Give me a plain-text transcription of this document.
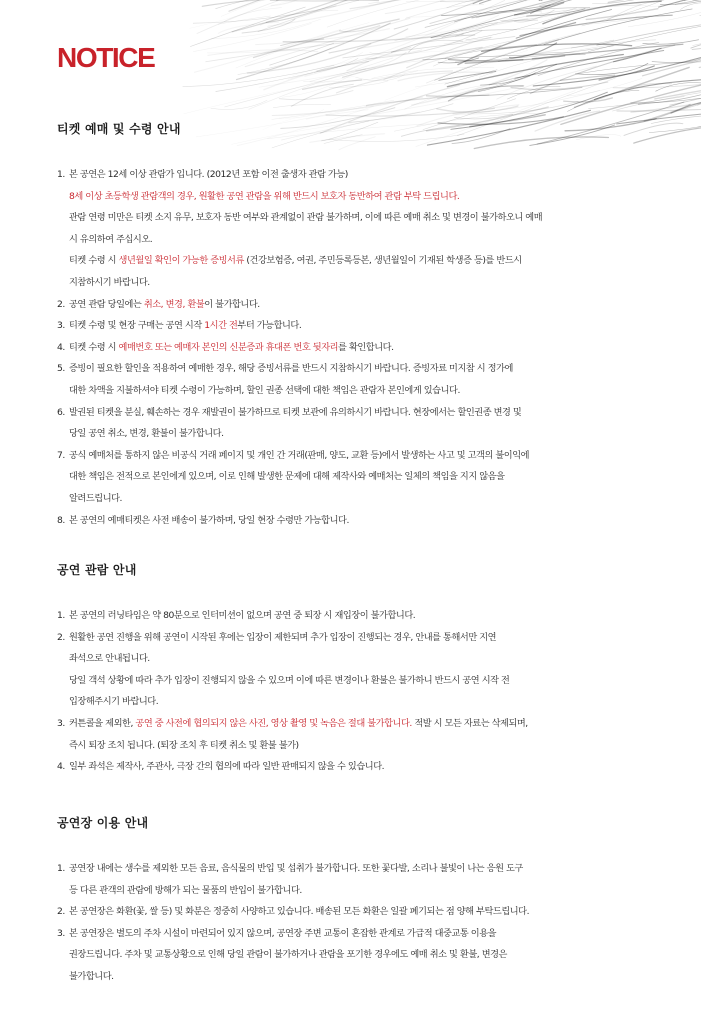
NOTICE
티켓 예매 및 수령 안내
1. 본 공연은 12세 이상 관람가 입니다. (2012년 포함 이전 출생자 관람 가능)
8세 이상 초등학생 관람객의 경우, 원활한 공연 관람을 위해 반드시 보호자 동반하여 관람 부탁 드립니다.
관람 연령 미만은 티켓 소지 유무, 보호자 동반 여부와 관계없이 관람 불가하며, 이에 따른 예매 취소 및 변경이 불가하오니 예매
시 유의하여 주십시오.
티켓 수령 시 생년월일 확인이 가능한 증빙서류 (건강보험증, 여권, 주민등록등본, 생년월일이 기재된 학생증 등)를 반드시
지참하시기 바랍니다.
2. 공연 관람 당일에는 취소, 변경, 환불이 불가합니다.
3. 티켓 수령 및 현장 구매는 공연 시작 1시간 전부터 가능합니다.
4. 티켓 수령 시 예매번호 또는 예매자 본인의 신분증과 휴대폰 번호 뒷자리를 확인합니다.
5. 증빙이 필요한 할인을 적용하여 예매한 경우, 해당 증빙서류를 반드시 지참하시기 바랍니다. 증빙자료 미지참 시 정가에
대한 차액을 지불하셔야 티켓 수령이 가능하며, 할인 권종 선택에 대한 책임은 관람자 본인에게 있습니다.
6. 발권된 티켓을 분실, 훼손하는 경우 재발권이 불가하므로 티켓 보관에 유의하시기 바랍니다. 현장에서는 할인권종 변경 및
당일 공연 취소, 변경, 환불이 불가합니다.
7. 공식 예매처를 통하지 않은 비공식 거래 페이지 및 개인 간 거래(판매, 양도, 교환 등)에서 발생하는 사고 및 고객의 불이익에
대한 책임은 전적으로 본인에게 있으며, 이로 인해 발생한 문제에 대해 제작사와 예매처는 일체의 책임을 지지 않음을
알려드립니다.
8. 본 공연의 예매티켓은 사전 배송이 불가하며, 당일 현장 수령만 가능합니다.
공연 관람 안내
1. 본 공연의 러닝타임은 약 80분으로 인터미션이 없으며 공연 중 퇴장 시 재입장이 불가합니다.
2. 원활한 공연 진행을 위해 공연이 시작된 후에는 입장이 제한되며 추가 입장이 진행되는 경우, 안내를 통해서만 지연
좌석으로 안내됩니다.
당일 객석 상황에 따라 추가 입장이 진행되지 않을 수 있으며 이에 따른 변경이나 환불은 불가하니 반드시 공연 시작 전
입장해주시기 바랍니다.
3. 커튼콜을 제외한, 공연 중 사전에 협의되지 않은 사진, 영상 촬영 및 녹음은 절대 불가합니다. 적발 시 모든 자료는 삭제되며,
즉시 퇴장 조치 됩니다. (퇴장 조치 후 티켓 취소 및 환불 불가)
4. 일부 좌석은 제작사, 주관사, 극장 간의 협의에 따라 일반 판매되지 않을 수 있습니다.
공연장 이용 안내
1. 공연장 내에는 생수를 제외한 모든 음료, 음식물의 반입 및 섭취가 불가합니다. 또한 꽃다발, 소리나 불빛이 나는 응원 도구
등 다른 관객의 관람에 방해가 되는 물품의 반입이 불가합니다.
2. 본 공연장은 화환(꽃, 쌀 등) 및 화분은 정중히 사양하고 있습니다. 배송된 모든 화환은 일괄 폐기되는 점 양해 부탁드립니다.
3. 본 공연장은 별도의 주차 시설이 마련되어 있지 않으며, 공연장 주변 교통이 혼잡한 관계로 가급적 대중교통 이용을
권장드립니다. 주차 및 교통상황으로 인해 당일 관람이 불가하거나 관람을 포기한 경우에도 예매 취소 및 환불, 변경은
불가합니다.
